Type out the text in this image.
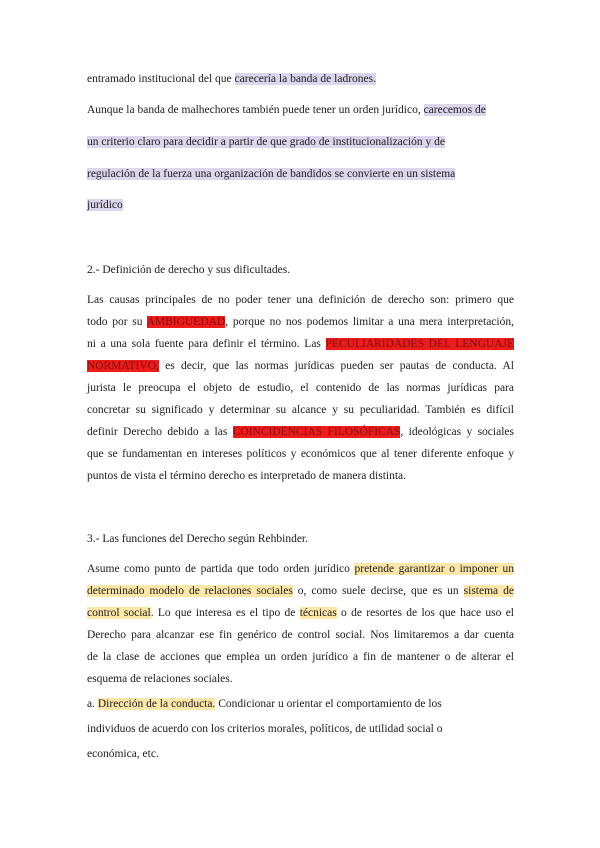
entramado institucional del que carecería la banda de ladrones.
Aunque la banda de malhechores también puede tener un orden jurídico, carecemos de
un criterio claro para decidir a partir de que grado de institucionalización y de
regulación de la fuerza una organización de bandidos se convierte en un sistema
jurídico
2.- Definición de derecho y sus dificultades.
Las causas principales de no poder tener una definición de derecho son: primero que
todo por su AMBIGUEDAD, porque no nos podemos limitar a una mera interpretación,
ni a una sola fuente para definir el término. Las PECULIARIDADES DEL LENGUAJE
NORMATIVO, es decir, que las normas jurídicas pueden ser pautas de conducta. Al
jurista le preocupa el objeto de estudio, el contenido de las normas jurídicas para
concretar su significado y determinar su alcance y su peculiaridad. También es difícil
definir Derecho debido a las COINCIDENCIAS FILOSÓFICAS, ideológicas y sociales
que se fundamentan en intereses políticos y económicos que al tener diferente enfoque y
puntos de vista el término derecho es interpretado de manera distinta.
3.- Las funciones del Derecho según Rehbinder.
Asume como punto de partida que todo orden jurídico pretende garantizar o imponer un
determinado modelo de relaciones sociales o, como suele decirse, que es un sistema de
control social. Lo que interesa es el tipo de técnicas o de resortes de los que hace uso el
Derecho para alcanzar ese fin genérico de control social. Nos limitaremos a dar cuenta
de la clase de acciones que emplea un orden jurídico a fin de mantener o de alterar el
esquema de relaciones sociales.
a. Dirección de la conducta. Condicionar u orientar el comportamiento de los
individuos de acuerdo con los criterios morales, políticos, de utilidad social o
económica, etc.
